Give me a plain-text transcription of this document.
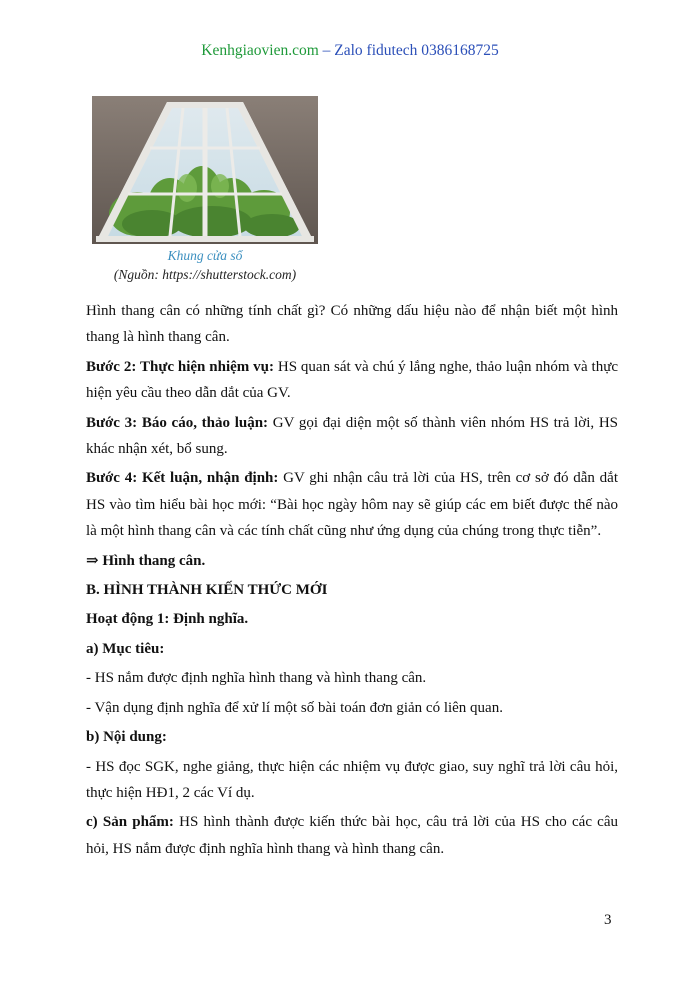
Kenhgiaovien.com – Zalo fidutech 0386168725
Khung cửa sổ
(Nguồn: https://shutterstock.com)

Hình thang cân có những tính chất gì? Có những dấu hiệu nào để nhận biết một hình thang là hình thang cân.

Bước 2: Thực hiện nhiệm vụ: HS quan sát và chú ý lắng nghe, thảo luận nhóm và thực hiện yêu cầu theo dẫn dắt của GV.

Bước 3: Báo cáo, thảo luận: GV gọi đại diện một số thành viên nhóm HS trả lời, HS khác nhận xét, bổ sung.

Bước 4: Kết luận, nhận định: GV ghi nhận câu trả lời của HS, trên cơ sở đó dẫn dắt HS vào tìm hiểu bài học mới: “Bài học ngày hôm nay sẽ giúp các em biết được thế nào là một hình thang cân và các tính chất cũng như ứng dụng của chúng trong thực tiễn”.

⇒ Hình thang cân.

B. HÌNH THÀNH KIẾN THỨC MỚI

Hoạt động 1: Định nghĩa.

a) Mục tiêu:

- HS nắm được định nghĩa hình thang và hình thang cân.

- Vận dụng định nghĩa để xử lí một số bài toán đơn giản có liên quan.

b) Nội dung:

- HS đọc SGK, nghe giảng, thực hiện các nhiệm vụ được giao, suy nghĩ trả lời câu hỏi, thực hiện HĐ1, 2 các Ví dụ.

c) Sản phẩm: HS hình thành được kiến thức bài học, câu trả lời của HS cho các câu hỏi, HS nắm được định nghĩa hình thang và hình thang cân.

3
